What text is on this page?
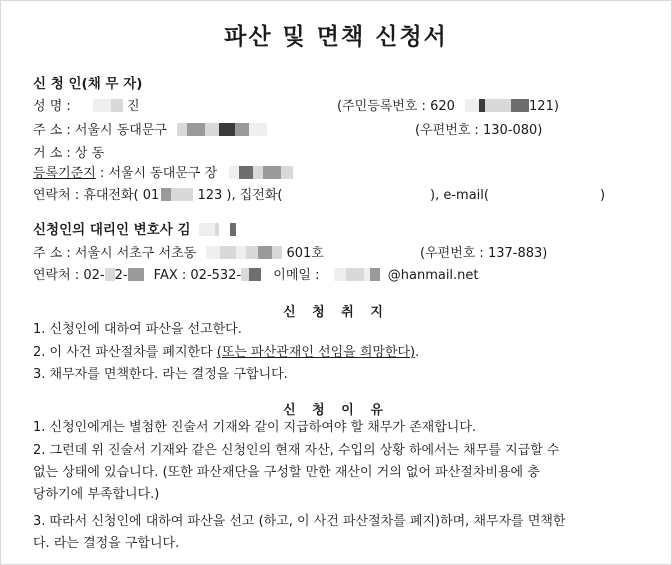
파산 및 면책 신청서
신 청 인(채 무 자)
성 명 :	진	(주민등록번호 : 620	121)
주 소 : 서울시 동대문구	(우편번호 : 130-080)
거 소 : 상 동
등록기준지 : 서울시 동대문구 장
연락처 : 휴대전화( 01	123 ), 집전화(	), e-mail(	)
신청인의 대리인 변호사 김
주 소 : 서울시 서초구 서초동	601호	(우편번호 : 137-883)
연락처 : 02- 2- FAX : 02-532- 이메일 :	@hanmail.net
신 청 취 지
1. 신청인에 대하여 파산을 선고한다.
2. 이 사건 파산절차를 폐지한다 (또는 파산관재인 선임을 희망한다).
3. 채무자를 면책한다. 라는 결정을 구합니다.
신 청 이 유
1. 신청인에게는 별첨한 진술서 기재와 같이 지급하여야 할 채무가 존재합니다.
2. 그런데 위 진술서 기재와 같은 신청인의 현재 자산, 수입의 상황 하에서는 채무를 지급할 수
없는 상태에 있습니다. (또한 파산재단을 구성할 만한 재산이 거의 없어 파산절차비용에 충
당하기에 부족합니다.)
3. 따라서 신청인에 대하여 파산을 선고 (하고, 이 사건 파산절차를 폐지)하며, 채무자를 면책한
다. 라는 결정을 구합니다.
